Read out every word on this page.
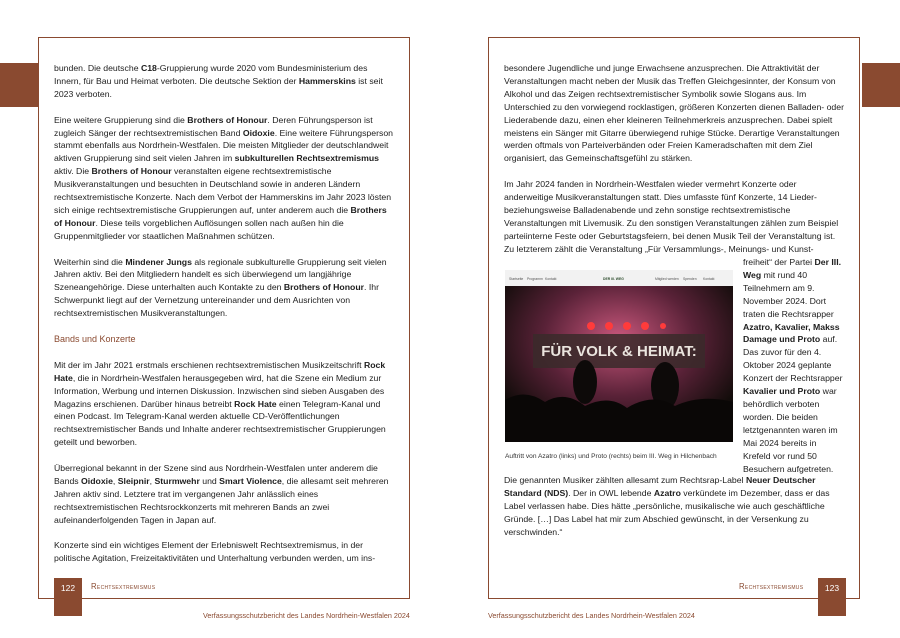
bunden. Die deutsche C18-Gruppierung wurde 2020 vom Bundesministerium des Innern, für Bau und Heimat verboten. Die deutsche Sektion der Hammerskins ist seit 2023 verboten.

Eine weitere Gruppierung sind die Brothers of Honour. Deren Führungsperson ist zugleich Sänger der rechtsextremistischen Band Oidoxie. Eine weitere Führungsperson stammt ebenfalls aus Nordrhein-Westfalen. Die meisten Mitglieder der deutschlandweit aktiven Gruppierung sind seit vielen Jahren im subkulturellen Rechtsextremismus aktiv. Die Brothers of Honour veranstalten eigene rechtsextremistische Musikveranstaltungen und besuchten in Deutschland sowie in anderen Ländern rechtsextremistische Konzerte. Nach dem Verbot der Hammerskins im Jahr 2023 lösten sich einige rechtsextremistische Gruppierungen auf, unter anderem auch die Brothers of Honour. Diese teils vorgeblichen Auflösungen sollen nach außen hin die Gruppenmitglieder vor staatlichen Maßnahmen schützen.

Weiterhin sind die Mindener Jungs als regionale subkulturelle Gruppierung seit vielen Jahren aktiv. Bei den Mitgliedern handelt es sich überwiegend um langjährige Szeneangehörige. Diese unterhalten auch Kontakte zu den Brothers of Honour. Ihr Schwerpunkt liegt auf der Vernetzung untereinander und dem Ausrichten von rechtsextremistischen Musikveranstaltungen.

Bands und Konzerte

Mit der im Jahr 2021 erstmals erschienen rechtsextremistischen Musikzeitschrift Rock Hate, die in Nordrhein-Westfalen herausgegeben wird, hat die Szene ein Medium zur Information, Werbung und internen Diskussion. Inzwischen sind sieben Ausgaben des Magazins erschienen. Darüber hinaus betreibt Rock Hate einen Telegram-Kanal und einen Podcast. Im Telegram-Kanal werden aktuelle CD-Veröffentlichungen rechtsextremistischer Bands und Inhalte anderer rechtsextremistischer Gruppierungen geteilt und beworben.

Überregional bekannt in der Szene sind aus Nordrhein-Westfalen unter anderem die Bands Oidoxie, Sleipnir, Sturmwehr und Smart Violence, die allesamt seit mehreren Jahren aktiv sind. Letztere trat im vergangenen Jahr anlässlich eines rechtsextremistischen Rechtsrockkonzerts mit mehreren Bands an zwei aufeinanderfolgenden Tagen in Japan auf.

Konzerte sind ein wichtiges Element der Erlebniswelt Rechtsextremismus, in der politische Agitation, Freizeitaktivitäten und Unterhaltung verbunden werden, um ins-

Rechtsextremismus
122
Verfassungsschutzbericht des Landes Nordrhein-Westfalen 2024

besondere Jugendliche und junge Erwachsene anzusprechen. Die Attraktivität der Veranstaltungen macht neben der Musik das Treffen Gleichgesinnter, der Konsum von Alkohol und das Zeigen rechtsextremistischer Symbolik sowie Slogans aus. Im Unterschied zu den vorwiegend rocklastigen, größeren Konzerten dienen Balladen- oder Liederabende dazu, einen eher kleineren Teilnehmerkreis anzusprechen. Dabei spielt meistens ein Sänger mit Gitarre überwiegend ruhige Stücke. Derartige Veranstaltungen werden oftmals von Parteiverbänden oder Freien Kameradschaften mit dem Ziel organisiert, das Gemeinschaftsgefühl zu stärken.

Im Jahr 2024 fanden in Nordrhein-Westfalen wieder vermehrt Konzerte oder anderweitige Musikveranstaltungen statt. Dies umfasste fünf Konzerte, 14 Lieder- beziehungsweise Balladenabende und zehn sonstige rechtsextremistische Veranstaltungen mit Livemusik. Zu den sonstigen Veranstaltungen zählen zum Beispiel parteiinterne Feste oder Geburtstagsfeiern, bei denen Musik Teil der Veranstaltung ist. Zu letzterem zählt die Veranstaltung „Für Versammlungs-, Meinungs- und Kunst-

Startseite Programm Kontakt	DER III. WEG	Mitglied werden Spenden Kontakt
FÜR VOLK & HEIMAT:
Auftritt von Azatro (links) und Proto (rechts) beim III. Weg in Hilchenbach
freiheit“ der Partei Der III. Weg mit rund 40 Teilnehmern am 9. November 2024. Dort traten die Rechtsrapper Azatro, Kavalier, Makss Damage und Proto auf. Das zuvor für den 4. Oktober 2024 geplante Konzert der Rechtsrapper Kavalier und Proto war behördlich verboten worden. Die beiden letztgenannten waren im Mai 2024 bereits in Krefeld vor rund 50 Besuchern aufgetreten.

Die genannten Musiker zählten allesamt zum Rechtsrap-Label Neuer Deutscher Standard (NDS). Der in OWL lebende Azatro verkündete im Dezember, dass er das Label verlassen habe. Dies hätte „persönliche, musikalische wie auch geschäftliche Gründe. […] Das Label hat mir zum Abschied gewünscht, in der Versenkung zu verschwinden.“

Rechtsextremismus	123
Verfassungsschutzbericht des Landes Nordrhein-Westfalen 2024
